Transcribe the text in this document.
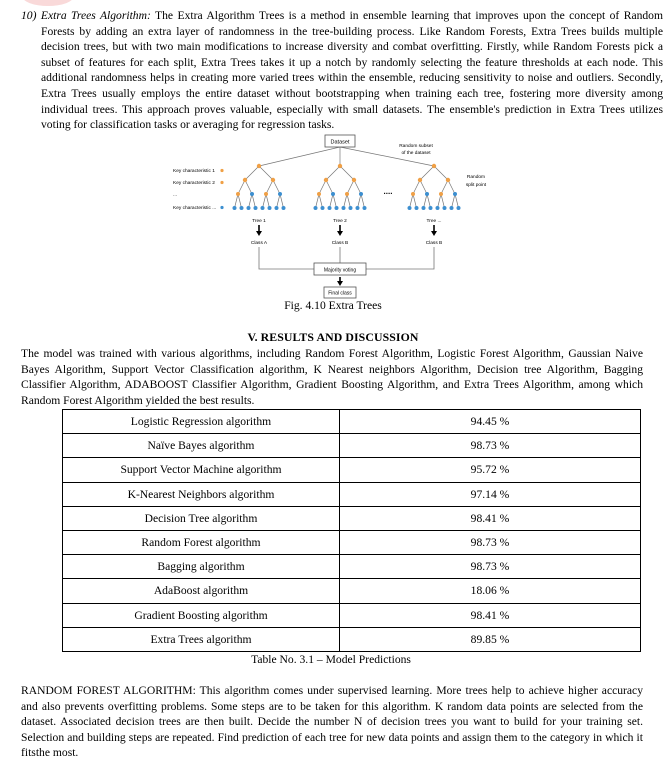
10) Extra Trees Algorithm: The Extra Algorithm Trees is a method in ensemble learning that improves upon the concept of Random Forests by adding an extra layer of randomness in the tree-building process. Like Random Forests, Extra Trees builds multiple decision trees, but with two main modifications to increase diversity and combat overfitting. Firstly, while Random Forests pick a subset of features for each split, Extra Trees takes it up a notch by randomly selecting the feature thresholds at each node. This additional randomness helps in creating more varied trees within the ensemble, reducing sensitivity to noise and outliers. Secondly, Extra Trees usually employs the entire dataset without bootstrapping when training each tree, fostering more diversity among individual trees. This approach proves valuable, especially with small datasets. The ensemble's prediction in Extra Trees utilizes voting for classification tasks or averaging for regression tasks.

Dataset
Random subset
of the dataset
Random
split point
Key characteristic 1
Key characteristic 2
...
Key characteristic ...
....
Tree 1	Tree 2	Tree ...
Class A	Class B	Class B
Majority voting
Final class
Fig. 4.10 Extra Trees
V. RESULTS AND DISCUSSION

The model was trained with various algorithms, including Random Forest Algorithm, Logistic Forest Algorithm, Gaussian Naive Bayes Algorithm, Support Vector Classification algorithm, K Nearest neighbors Algorithm, Decision tree Algorithm, Bagging Classifier Algorithm, ADABOOST Classifier Algorithm, Gradient Boosting Algorithm, and Extra Trees Algorithm, among which Random Forest Algorithm yielded the best results.

Logistic Regression algorithm	94.45 %
Naïve Bayes algorithm	98.73 %
Support Vector Machine algorithm	95.72 %
K-Nearest Neighbors algorithm	97.14 %
Decision Tree algorithm	98.41 %
Random Forest algorithm	98.73 %
Bagging algorithm	98.73 %
AdaBoost algorithm	18.06 %
Gradient Boosting algorithm	98.41 %
Extra Trees algorithm	89.85 %
Table No. 3.1 – Model Predictions

RANDOM FOREST ALGORITHM: This algorithm comes under supervised learning. More trees help to achieve higher accuracy and also prevents overfitting problems. Some steps are to be taken for this algorithm. K random data points are selected from the dataset. Associated decision trees are then built. Decide the number N of decision trees you want to build for your training set. Selection and building steps are repeated. Find prediction of each tree for new data points and assign them to the category in which it fitsthe most.
